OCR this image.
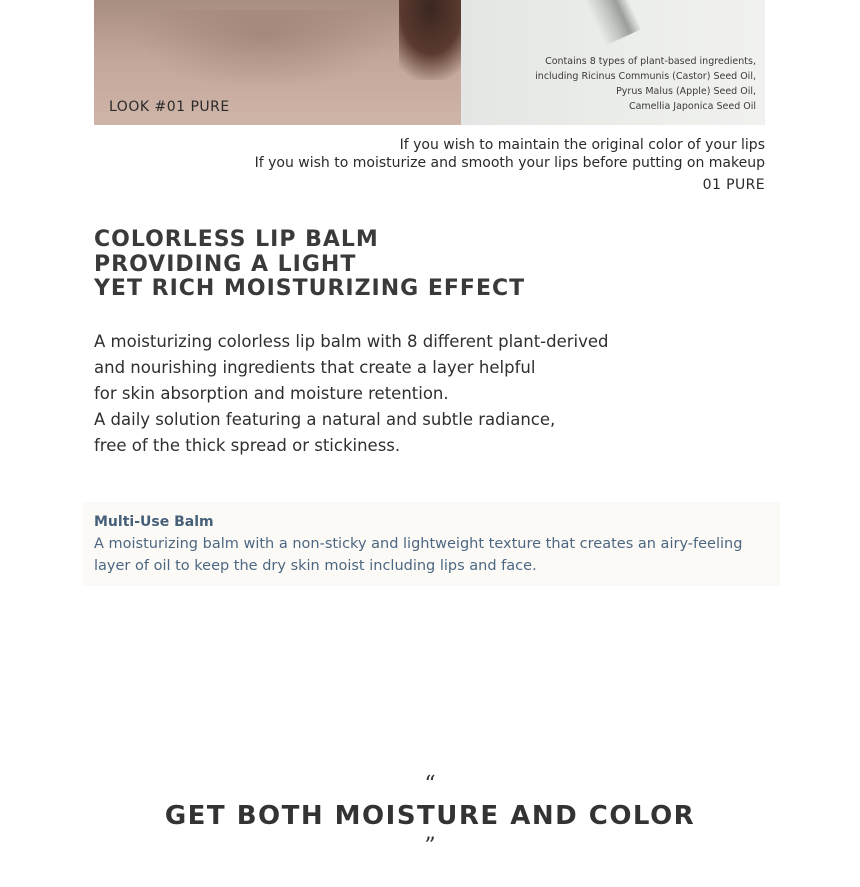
LOOK #01 PURE
Contains 8 types of plant-based ingredients,
including Ricinus Communis (Castor) Seed Oil,
Pyrus Malus (Apple) Seed Oil,
Camellia Japonica Seed Oil
If you wish to maintain the original color of your lips
If you wish to moisturize and smooth your lips before putting on makeup
01 PURE
COLORLESS LIP BALM
PROVIDING A LIGHT
YET RICH MOISTURIZING EFFECT
A moisturizing colorless lip balm with 8 different plant-derived
and nourishing ingredients that create a layer helpful
for skin absorption and moisture retention.
A daily solution featuring a natural and subtle radiance,
free of the thick spread or stickiness.
Multi-Use Balm
A moisturizing balm with a non-sticky and lightweight texture that creates an airy-feeling layer of oil to keep the dry skin moist including lips and face.
“
GET BOTH MOISTURE AND COLOR
”
